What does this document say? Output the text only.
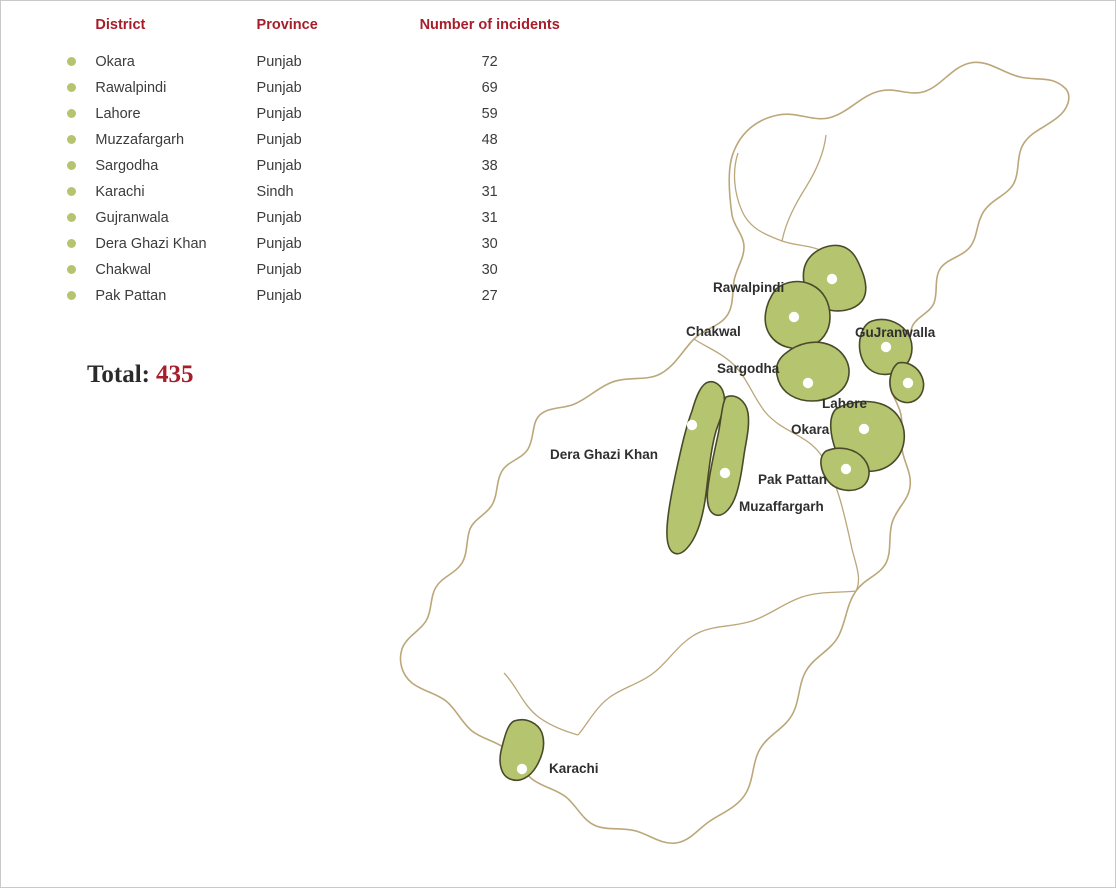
	District	Province	Number of incidents
	Okara	Punjab	72
	Rawalpindi	Punjab	69
	Lahore	Punjab	59
	Muzzafargarh	Punjab	48
	Sargodha	Punjab	38
	Karachi	Sindh	31
	Gujranwala	Punjab	31
	Dera Ghazi Khan	Punjab	30
	Chakwal	Punjab	30
	Pak Pattan	Punjab	27
Total: 435
Rawalpindi
Chakwal	GuJranwalla
Sargodha
Lahore
Okara
Dera Ghazi Khan
Pak Pattan
Muzaffargarh
Karachi
